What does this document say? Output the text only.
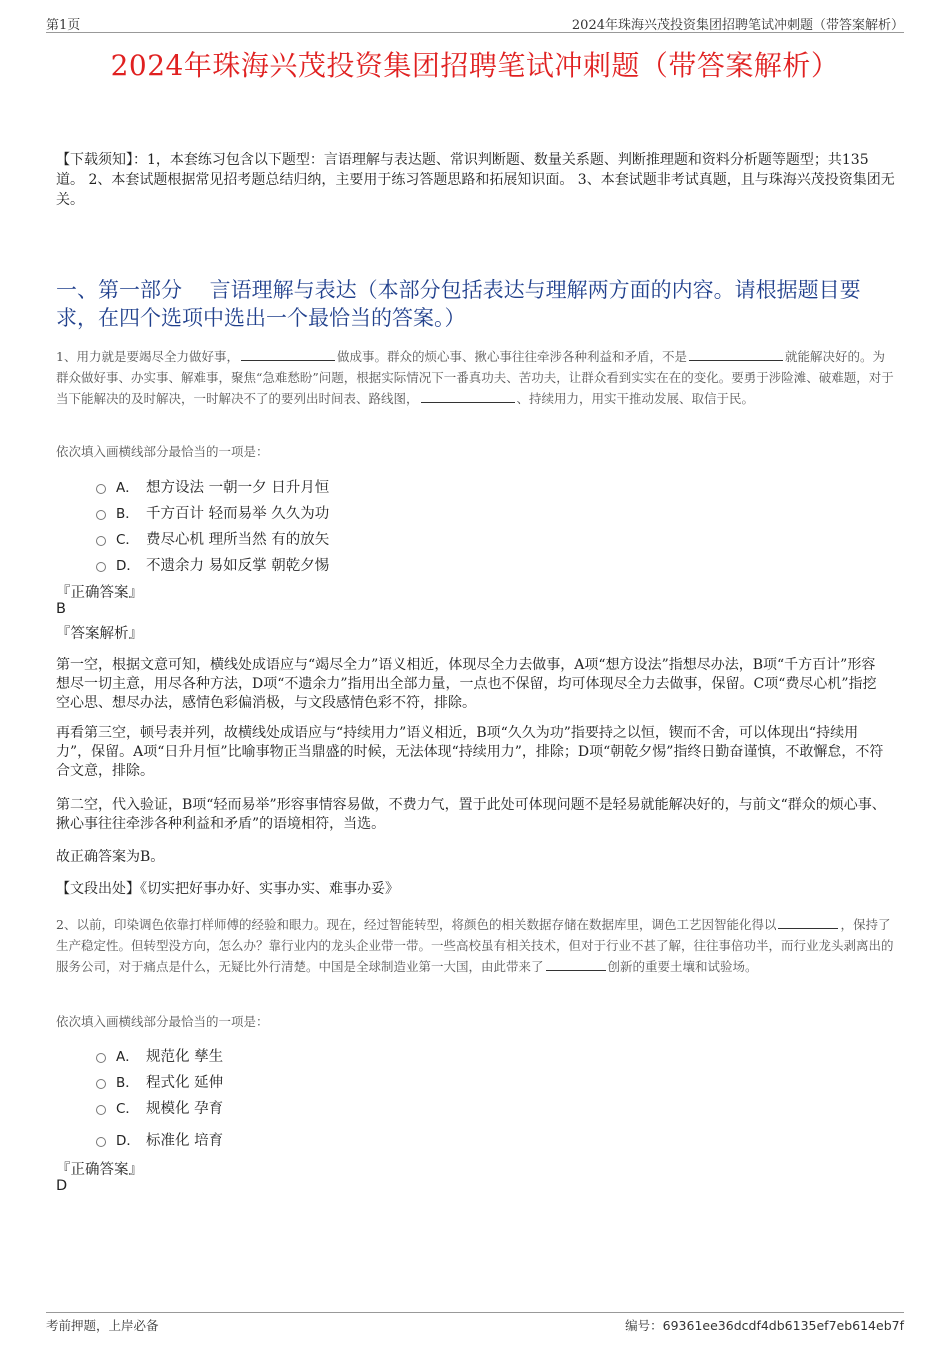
第1页	2024年珠海兴茂投资集团招聘笔试冲刺题（带答案解析）
2024年珠海兴茂投资集团招聘笔试冲刺题（带答案解析）
【下载须知】：1，本套练习包含以下题型：言语理解与表达题、常识判断题、数量关系题、判断推理题和资料分析题等题型；共135道。 2、本套试题根据常见招考题总结归纳，主要用于练习答题思路和拓展知识面。 3、本套试题非考试真题，且与珠海兴茂投资集团无关。
一、第一部分　 言语理解与表达（本部分包括表达与理解两方面的内容。请根据题目要求，在四个选项中选出一个最恰当的答案。）
1、用力就是要竭尽全力做好事，	做成事。群众的烦心事、揪心事往往牵涉各种利益和矛盾，不是	就能解决好的。为群众做好事、办实事、解难事，聚焦“急难愁盼”问题，根据实际情况下一番真功夫、苦功夫，让群众看到实实在在的变化。要勇于涉险滩、破难题，对于当下能解决的及时解决，一时解决不了的要列出时间表、路线图，	、持续用力，用实干推动发展、取信于民。
依次填入画横线部分最恰当的一项是：
A． 想方设法 一朝一夕 日升月恒
B． 千方百计 轻而易举 久久为功
C． 费尽心机 理所当然 有的放矢
D． 不遗余力 易如反掌 朝乾夕惕
『正确答案』
B
『答案解析』
第一空，根据文意可知，横线处成语应与“竭尽全力”语义相近，体现尽全力去做事，A项“想方设法”指想尽办法，B项“千方百计”形容想尽一切主意，用尽各种方法，D项“不遗余力”指用出全部力量，一点也不保留，均可体现尽全力去做事，保留。C项“费尽心机”指挖空心思、想尽办法，感情色彩偏消极，与文段感情色彩不符，排除。
再看第三空，顿号表并列，故横线处成语应与“持续用力”语义相近，B项“久久为功”指要持之以恒，锲而不舍，可以体现出“持续用力”，保留。A项“日升月恒”比喻事物正当鼎盛的时候，无法体现“持续用力”，排除；D项“朝乾夕惕”指终日勤奋谨慎，不敢懈怠，不符合文意，排除。
第二空，代入验证，B项“轻而易举”形容事情容易做，不费力气，置于此处可体现问题不是轻易就能解决好的，与前文“群众的烦心事、揪心事往往牵涉各种利益和矛盾”的语境相符，当选。
故正确答案为B。
【文段出处】《切实把好事办好、实事办实、难事办妥》
2、以前，印染调色依靠打样师傅的经验和眼力。现在，经过智能转型，将颜色的相关数据存储在数据库里，调色工艺因智能化得以	，保持了生产稳定性。但转型没方向，怎么办？靠行业内的龙头企业带一带。一些高校虽有相关技术，但对于行业不甚了解，往往事倍功半，而行业龙头剥离出的服务公司，对于痛点是什么，无疑比外行清楚。中国是全球制造业第一大国，由此带来了	创新的重要土壤和试验场。
依次填入画横线部分最恰当的一项是：
A． 规范化 孳生
B． 程式化 延伸
C． 规模化 孕育
D． 标准化 培育
『正确答案』
D
考前押题，上岸必备	编号：69361ee36dcdf4db6135ef7eb614eb7f
